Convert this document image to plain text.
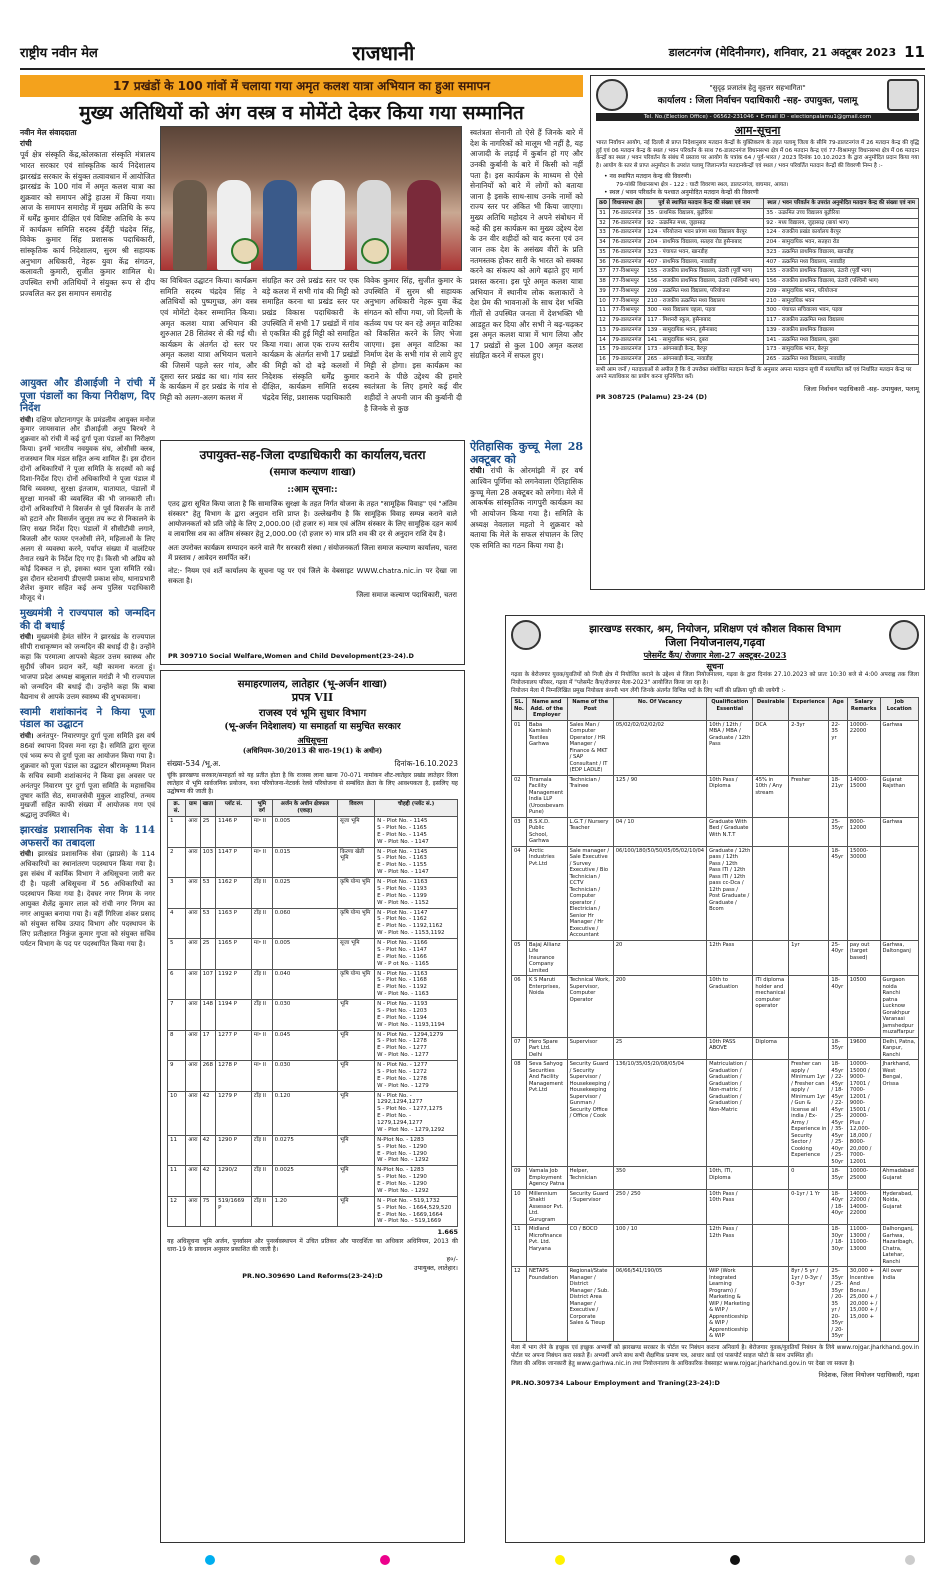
राष्ट्रीय नवीन मेल	राजधानी	डालटनगंज (मेदिनीनगर), शनिवार, 21 अक्टूबर 2023 11
17 प्रखंडों के 100 गांवों में चलाया गया अमृत कलश यात्रा अभियान का हुआ समापन
मुख्य अतिथियों को अंग वस्त्र व मोमेंटो देकर किया गया सम्मानित
नवीन मेल संवाददाता
रांची
पूर्व क्षेत्र संस्कृति केंद्र,कोलकाता संस्कृति मंत्रालय भारत सरकार एवं सांस्कृतिक कार्य निदेशालय झारखंड सरकार के संयुक्त तत्वावधान में आयोजित झारखंड के 100 गांव में अमृत कलश यात्रा का शुक्रवार को समापन ऑड्रे हाउस में किया गया। आज के समापन समारोह में मुख्य अतिथि के रूप में धर्मेंद्र कुमार दीक्षित एवं विशिष्ट अतिथि के रूप में कार्यक्रम समिति सदस्य ईर्वेंट्री चंद्रदेव सिंह, विवेक कुमार सिंह प्रशासक पदाधिकारी, सांस्कृतिक कार्य निदेशालय, सुरम श्री सहायक अनुभाग अधिकारी, नेहरू युवा केंद्र संगठन, कलावती कुमारी, सुजीत कुमार शामिल थे। उपस्थित सभी अतिथियों ने संयुक्त रूप से दीप प्रज्वलित कर इस समापन समारोह
का विधिवत उद्घाटन किया। कार्यक्रम समिति सदस्य चंद्रदेव सिंह ने अतिथियों को पुष्पगुच्छ, अंग वस्त्र एवं मोमेंटो देकर सम्मानित किया। अमृत कलश यात्रा अभियान की शुरुआत 28 सितंबर से की गई थी। कार्यक्रम के अंतर्गत दो स्तर पर अमृत कलश यात्रा अभियान चलाने की जिसमें पहले स्तर गांव, और दूसरा स्तर प्रखंड का था। गांव स्तर के कार्यक्रम में हर प्रखंड के गांव से मिट्टी को अलग-अलग कलश में
संग्रहित कर उसे प्रखंड स्तर पर एक बड़े कलश में सभी गांव की मिट्टी को समाहित करना था प्रखंड स्तर पर प्रखंड विकास पदाधिकारी के उपस्थिति में सभी 17 प्रखंडों में गांव से एकत्रित की हुई मिट्टी को समाहित किया गया। आज एक राज्य स्तरीय कार्यक्रम के अंतर्गत सभी 17 प्रखंडों की मिट्टी को दो बड़े कलशों में निदेशक संस्कृति धर्मेंद्र कुमार दीक्षित, कार्यक्रम समिति सदस्य चंद्रदेव सिंह, प्रशासक पदाधिकारी
विवेक कुमार सिंह, सुजीत कुमार के उपस्थिति में सुरम श्री सहायक अनुभाग अधिकारी नेहरू युवा केंद्र संगठन को सौंपा गया, जो दिल्ली के कर्तव्य पथ पर बन रहे अमृत वाटिका को विकसित करने के लिए भेजा जाएगा। इस अमृत वाटिका का निर्माण देश के सभी गांव से लाये हुए मिट्टी से होगा। इस कार्यक्रम का कराने के पीछे उद्देश्य की हमारे स्वतंत्रता के लिए हमारे कई वीर शहीदों ने अपनी जान की कुर्बानी दी है जिनके से कुछ
स्वतंत्रता सेनानी तो ऐसे हैं जिनके बारे में देश के नागरिकों को मालूम भी नहीं है, यह आजादी के लड़ाई में कुर्बान हो गए और उनकी कुर्बानी के बारे में किसी को नहीं पता है। इस कार्यक्रम के माध्यम से ऐसे सेनानियों को बारे में लोगों को बताया जाना है इसके साथ-साथ उनके नामों को राज्य स्तर पर अंकित भी किया जाएगा। मुख्य अतिथि महोदय ने अपने संबोधन में कहे की इस कार्यक्रम का मुख्य उद्देश्य देश के उन वीर शहीदों को याद करना एवं उन जान तक देश के असंख्य वीरों के प्रति नतमस्तक होकर सारी के भारत को सबका करने का संकल्प को आगे बढ़ाते हुए मार्ग प्रशस्त करना। इस पूरे अमृत कलश यात्रा अभियान में स्थानीय लोक कलाकारों ने देश प्रेम की भावनाओं के साथ देश भक्ति गीतों से उपस्थित जनता में देशभक्ति भी आडहूत कर दिया और सभी ने बढ़-चढ़कर इस अमृत कलश यात्रा में भाग लिया और 17 प्रखंडों से कुल 100 अमृत कलश संग्रहित करने में सफल हुए।
आयुक्त और डीआईजी ने रांची में पूजा पंडालों का किया निरीक्षण, दिए निर्देश
रांची। दक्षिण छोटानागपुर के प्रमंडलीय आयुक्त मनोज कुमार जायसवाल और डीआईजी अनूप बिरथरे ने शुक्रवार को रांची में कई दुर्गा पूजा पंडालों का निरीक्षण किया। इनमें भारतीय नवयुवक संघ, ओसीसी क्लब, राजस्थान मित्र मंडल सहित अन्य शामिल हैं। इस दौरान दोनों अधिकारियों ने पूजा समिति के सदस्यों को कई दिशा-निर्देश दिए। दोनों अधिकारियों ने पूजा पंडाल में विधि व्यवस्था, सुरक्षा इंतजाम, यातायात, पंडालों में सुरक्षा मानकों की व्यवस्थित की भी जानकारी ली। दोनों अधिकारियों ने विसर्जन से पूर्व विसर्जन के तारों को हटाने और विसर्जन जुलूस तय रूट से निकालने के लिए सख्त निर्देश दिए। पंडालों में सीसीटीवी लगाने, बिजली और फायर एनओसी लेने, महिलाओं के लिए अलग से व्यवस्था करने, पर्याप्त संख्या में वालंटियर तैनात रखने के निर्देश दिए गए हैं। किसी भी अप्रिय को कोई दिक्कत न हो, इसका ध्यान पूजा समिति रखे। इस दौरान स्टेशनापी डीएसपी प्रकाश सोय, थानाप्रभारी शैलेश कुमार सहित कई अन्य पुलिस पदाधिकारी मौजूद थे।
मुख्यमंत्री ने राज्यपाल को जन्मदिन की दी बधाई
रांची। मुख्यमंत्री हेमंत सोरेन ने झारखंड के राज्यपाल सीपी राधाकृष्णन को जन्मदिन की बधाई दी है। उन्होंने कहा कि परमात्मा आपको बेहतर उत्तम स्वास्थ्य और सुदीर्घ जीवन प्रदान करें, यही कामना करता हूं। भाजपा प्रदेश अध्यक्ष बाबूलाल मरांडी ने भी राज्यपाल को जन्मदिन की बधाई दी। उन्होंने कहा कि बाबा वैद्यनाथ से आपके उत्तम स्वास्थ्य की शुभकामना।
स्वामी शशांकानंद ने किया पूजा पंडाल का उद्घाटन
रांची। अनंतपुर- निवारणपुर दुर्गा पूजा समिति इस वर्ष 86वां स्थापना दिवस मना रहा है। समिति द्वारा सूरज एवं भव्य रूप से दुर्गा पूजा का आयोजन किया गया है। शुक्रवार को पूजा पंडाल का उद्घाटन श्रीरामकृष्ण मिशन के सचिव स्वामी शशांकानंद ने किया इस अवसर पर अनंतपुर निवारण पुर दुर्गा पूजा समिति के महासचिव तुषार कांति सेठ, समाजसेवी मुकुल शाहरियां, तन्मय मुखर्जी सहित काफी संख्या में आयोजक गण एवं श्रद्धालु उपस्थित थे।
झारखंड प्रशासनिक सेवा के 114 अफसरों का तबादला
रांची। झारखंड प्रशासनिक सेवा (झाप्रसे) के 114 अधिकारियों का स्थानांतरण पदस्थापन किया गया है। इस संबंध में कार्मिक विभाग ने अधिसूचना जारी कर दी है। पहली अधिसूचना में 56 अधिकारियों का पदस्थापन किया गया है। देवघर नगर निगम के नगर आयुक्त शैलेंद्र कुमार लाल को रांची नगर निगम का नगर आयुक्त बनाया गया है। वहीं गिरिजा शंकर प्रसाद को संयुक्त सचिव उत्पाद विभाग और पदस्थापन के लिए प्रतीक्षारत निकुंज कुमार गुप्ता को संयुक्त सचिव पर्यटन विभाग के पद पर पदस्थापित किया गया है।
उपायुक्त-सह-जिला दण्डाधिकारी का कार्यालय,चतरा
(समाज कल्याण शाखा)
::आम सूचना::
एतद द्वारा सूचित किया जाता है कि सामाजिक सुरक्षा के तहत निर्गत योजना के तहत "सामूहिक विवाह" एवं "अंतिम संस्कार" हेतु विभाग के द्वारा अनुदान राशि प्राप्त है। उल्लेखनीय है कि सामूहिक विवाह सम्पन्न कराने वाले आयोजनकर्ता को प्रति जोड़े के लिए 2,000.00 (दो हजार रु) मात्र एवं अंतिम संस्कार के लिए सामूहिक दहन कार्य व लावारिस शव का अंतिम संस्कार हेतु 2,000.00 (दो हजार रु) मात्र प्रति शव की दर से अनुदान राशि देय है।
अतः उपरोक्त कार्यक्रम सम्पादन करने वाले गैर सरकारी संस्था / संयोजनकर्ता जिला समाज कल्याण कार्यालय, चतरा में प्रस्ताव / आवेदन समर्पित करें।
नोट:- नियम एवं शर्तें कार्यालय के सूचना पट्ट पर एवं जिले के वेबसाइट WWW.chatra.nic.in पर देखा जा सकता है।
जिला समाज कल्याण पदाधिकारी, चतरा
PR 309710 Social Welfare,Women and Child Development(23-24).D
ऐतिहासिक कुच्चू मेला 28 अक्टूबर को
रांची। रांची के ओरमांझी में हर वर्ष आश्विन पूर्णिमा को लगनेवाला ऐतिहासिक कुच्चू मेला 28 अक्टूबर को लगेगा। मेले में आकर्षक सांस्कृतिक नागपुरी कार्यक्रम का भी आयोजन किया गया है। समिति के अध्यक्ष नेवलाल महतो ने शुक्रवार को बताया कि मेले के सफल संचालन के लिए एक समिति का गठन किया गया है।
समाहरणालय, लातेहार (भू-अर्जन शाखा)
प्रपत्र VII
राजस्व एवं भूमि सुधार विभाग
(भू-अर्जन निदेशालय) या समाहर्ता या समुचित सरकार
अधिसूचना
(अधिनियम-30/2013 की धारा-19(1) के अधीन)
संख्या-534 /भू.अ.	दिनांक-16.10.2023
चूंकि झारखण्ड सरकार/समाहर्ता को यह प्रतीत होता है कि राजस्व लाना खाना 70-071 नामांकन शीट-लातेहार प्रखंड लातेहार जिला लातेहार में भूमि सार्वजनिक प्रयोजन, यथा परियोजना-नेटवर्क रेलवे परियोजना से सम्बंधित क्रेता के लिए आवश्यकता है, इसलिए यह उद्घोषणा की जाती है।
क्र. सं.	ग्राम	खाता	प्लॉट सं.	भूमि वर्ग	अर्जन के अधीन क्षेत्रफल (एकड़)	विवरण	चौहद्दी (प्लॉट सं.)
1	आरा	25	1146 P	मा॰ II	0.005	सूजा भूमि	N - Plot No. - 1145
S - Plot No. - 1165
E - Plot No. - 1145
W - Plot No. - 1147
2	आरा	103	1147 P	मा॰ II	0.015	किरणा खेती भूमि	N - Plot No. - 1145
S - Plot No. - 1163
E - Plot No. - 1155
W - Plot No. - 1147
3	आरा	53	1162 P	टाँड़ II	0.025	कृषि योग्य भूमि	N - Plot No. - 1163
S - Plot No. - 1193
E - Plot No. - 1199
W - Plot No. - 1152
4	आरा	53	1163 P	टाँड़ II	0.060	कृषि योग्य भूमि	N - Plot No. - 1147
S - Plot No. - 1162
E - Plot No. - 1192,1162
W - Plot No. - 1153,1192
5	आरा	25	1165 P	मा॰ II	0.005	सूजा भूमि	N - Plot No. - 1166
S - Plot No. - 1147
E - Plot No. - 1166
W - P ot No. - 1165
6	आरा	107	1192 P	टाँड़ II	0.040	कृषि योग्य भूमि	N - Plot No. - 1163
S - Plot No. - 1168
E - Plot No. - 1192
W - Plot No. - 1163
7	आरा	148	1194 P	टाँड़ II	0.030	भूमि	N - Plot No. - 1193
S - Plot No. - 1203
E - Plot No. - 1194
W - Plot No. - 1193,1194
8	आरा	17	1277 P	मा॰ II	0.045	भूमि	N - Plot No. - 1294,1279
S - Plot No. - 1278
E - Plot No. - 1277
W - Plot No. - 1277
9	आरा	268	1278 P	मा॰ II	0.030	भूमि	N - Plot No. - 1277
S - Plot No. - 1272
E - Plot No. - 1278
W - Plot No. - 1279
10	आरा	42	1279 P	टाँड़ II	0.120	भूमि	N - Plot No. - 1292,1294,1277
S - Plot No. - 1277,1275
E - Plot No. - 1279,1294,1277
W - Plot No. - 1279,1292
11	आरा	42	1290 P	टाँड़ II	0.0275	भूमि	N-Plot No. - 1283
S - Plot No. - 1290
E - Plot No. - 1290
W - Plot No. - 1292
11	आरा	42	1290/2	टाँड़ II	0.0025	भूमि	N-Plot No. - 1283
S - Plot No. - 1290
E - Plot No. - 1290
W - Plot No. - 1292
12	आरा	75	519/1669 P	टाँड़ II	1.20	भूमि	N - Plot No. - 519,1732
S - Plot No. - 1664,529,520
E - Plot No. - 1669,1664
W - Plot No. - 519,1669
1.665
यह अधिसूचना भूमि अर्जन, पुनर्वासन और पुनर्व्यवस्थापन में उचित प्रतिकर और पारदर्शिता का अधिकार अधिनियम, 2013 की धारा-19 के प्रावधान अनुसार प्रकाशित की जाती है।
ह०/-
उपायुक्त, लातेहार।
PR.NO.309690 Land Reforms(23-24):D
"सुदृढ़ प्रजातंत्र हेतु वृहत्तर सहभागिता"
कार्यालय : जिला निर्वाचन पदाधिकारी -सह- उपायुक्त, पलामू
Tel. No.(Election Office) - 06562-231046 • E-mail ID - electionpalamu1@gmail.com
आम-सूचना
भारत निर्वाचन आयोग, नई दिल्ली से प्राप्त निदेशानुसार मतदान केन्द्रों के युक्तिकरण के तहत पलामू जिला के सीमि 79-डालटनगंज में 26 मतदान केन्द्र की वृद्धि हुई एवं 06 मतदान केन्द्र के स्थल / भवन परिवर्तन के साथ 76-डालटनगंज विधानसभा क्षेत्र में 06 मतदान केन्द्र एवं 77-विश्रामपुर विधानसभा क्षेत्र में 06 मतदान केन्द्रों का स्थल / भवन परिवर्तन के संबंध में प्रस्ताव पर आयोग के पत्रांक 64 / पूर्व-भारत / 2023 दिनांक 10.10.2023 के द्वारा अनुमोदित प्रदान किया गया है। आयोग के स्तर से प्राप्त अनुमोदन के उपरांत पलामू जिलान्तर्गत मतदानकेन्द्रों एवं स्थल / भवन परिवर्तित मतदान केन्द्रों की विवरणी निम्न है :-
• नव स्थापित मतदान केन्द्र की विवरणी।
79-पांकी विधानसभा क्षेत्र - 122 : घाटी विवरणा स्थल, डालटनगंज, वाघमार, आयत।
• स्थल / भवन परिवर्तन के पश्चात अनुमोदित मतदान केन्द्रों की विवरणी
क्र0	विधानसभा क्षेत्र	पूर्व से स्थापित मतदान केन्द्र की संख्या एवं नाम	स्थल / भवन परिवर्तन के उपरांत अनुमोदित मतदान केन्द्र की संख्या एवं नाम
31	76-डालटनगंज	35 · प्राथमिक विद्यालय, बुढ़ौरिया	35 · उत्क्रमित उच्च विद्यालय बुढ़ौरिया
32	76-डालटनगंज	92 · उत्क्रमित मध्य, जुड़ासाढ़	92 · मध्य विद्यालय, जुड़ासाढ़ (बायां भाग)
33	76-डालटनगंज	124 · परियोजना भवन प्रांगण मध्य विद्यालय बैरपुर	124 · राजकीय प्रखंड कार्यालय बैरपुर
34	76-डालटनगंज	204 · प्राथमिक विद्यालय, सतहरा रोड हुसैनाबाद	204 · सामुदायिक भवन, सतहरा रोड
35	76-डालटनगंज	323 · पंचायत भवन, खानडीह	323 · उत्क्रमित प्राथमिक विद्यालय, खानडीह
36	76-डालटनगंज	407 · प्राथमिक विद्यालय, नावाडीह	407 · उत्क्रमित मध्य विद्यालय, नावाडीह
37	77-विश्रामपुर	155 · राजकीय प्राथमिक विद्यालय, उंटारी (पूर्वी भाग)	155 · राजकीय प्राथमिक विद्यालय, उंटारी (पूर्वी भाग)
38	77-विश्रामपुर	156 · राजकीय प्राथमिक विद्यालय, उंटारी (पश्चिमी भाग)	156 · राजकीय प्राथमिक विद्यालय, उंटारी (पश्चिमी भाग)
39	77-विश्रामपुर	209 · उत्क्रमित मध्य विद्यालय, परियोजना	209 · सामुदायिक भवन, परियोजना
10	77-विश्रामपुर	210 · राजकीय उत्क्रमित मध्य विद्यालय	210 · सामुदायिक भवन
11	77-विश्रामपुर	300 · मध्य विद्यालय चहला, पड़वा	300 · पंचायत सचिवालय भवन, पड़वा
12	79-डालटनगंज	117 · मिशनरी स्कूल, हुसैनाबाद	117 · राजकीय उत्क्रमित मध्य विद्यालय
13	79-डालटनगंज	139 · सामुदायिक भवन, हुसैनाबाद	139 · राजकीय प्राथमिक विद्यालय
14	79-डालटनगंज	141 · सामुदायिक भवन, दुबरा	141 · उत्क्रमित मध्य विद्यालय, दुबरा
15	79-डालटनगंज	173 · आंगनबाड़ी केन्द्र, बैरपुर	173 · सामुदायिक भवन, बैरपुर
16	79-डालटनगंज	265 · आंगनबाड़ी केन्द्र, नावाडीह	265 · उत्क्रमित मध्य विद्यालय, नावाडीह
सभी आम जनों / मतदाताओं से अपील है कि वे उपरोक्त संशोधित मतदान केन्द्रों के अनुसार अपना मतदान सूची में सत्यापित करें एवं निर्धारित मतदान केन्द्र पर अपने मताधिकार का प्रयोग करना सुनिश्चित करें।
जिला निर्वाचन पदाधिकारी -सह- उपायुक्त, पलामू
PR 308725 (Palamu) 23-24 (D)
झारखण्ड सरकार, श्रम, नियोजन, प्रशिक्षण एवं कौशल विकास विभाग
जिला नियोजनालय,गढ़वा
प्लेसमेंट कैंप/ रोजगार मेला-27 अक्टूबर-2023
सूचना
गढ़वा के बेरोजगार युवक/युवतियों को निजी क्षेत्र में नियोजित कराने के उद्देश्य से जिला नियोजनालय, गढ़वा के द्वारा दिनांक 27.10.2023 को प्रातः 10:30 बजे से 4:00 अपराह्न तक जिला नियोजनालय परिसर, गढ़वा में "प्लेसमेंट कैंप/रोजगार मेला-2023" आयोजित किया जा रहा है।
नियोजन मेला में निम्नलिखित प्रमुख नियोक्ता कंपनी भाग लेंगी जिनके अंतर्गत विभिन्न पदों के लिए भर्ती की प्रक्रिया पूरी की जायेगी :-
SL. No.	Name and Add. of the Employer	Name of the Post	No. Of Vacancy	Qualification Essential	Desirable	Experience	Age	Salary Remarks	Job Location
01	Baba Kamlesh Textiles Garhwa	Sales Man / Computer Operator / HR Manager / Finance & MKT / SAP Consultant / IT (EDP LADLE)	05/02/02/02/02/02	10th / 12th / MBA / MBA / Graduate / 12th Pass	DCA	2-3yr	22-35 yr	10000-22000	Garhwa
02	Tiramala Facility Management India LLP (Uroosbevam Pune)	Technician / Trainee	125 / 90	10th Pass / Diploma	45% in 10th / Any stream	Fresher	18-21yr	14000-15000	Gujarat Rajsthan
03	B.S.K.D. Public School, Garhwa	L.G.T / Nursery Teacher	04 / 10	Graduate With Bed / Graduate With N.T.T			25-35yr	8000-12000	Garhwa
04	Arctic Industries Pvt.Ltd	Sale manager / Sale Executive / Survey Executive / Bio Technician / CCTV Technician / Computer operator / Electrician / Senior Hr Manager / Hr Executive / Accountant	06/100/180/50/50/05/05/02/10/04	Graduate / 12th pass / 12th Pass / 12th Pass ITI / 12th Pass ITI / 12th pass cc-Dca / 12th pass / Post Graduate / Graduate / Bcom			18-45yr	15000-30000	
05	Bajaj Allianz Life Insurance Company Limited		20	12th Pass		1yr	25-40yr	pay out (target based)	Garhwa, Daltonganj
06	K S Maruti Enterprises, Noida	Technical Work, Supervisor, Computer Operator	200	10th to Graduation	ITI diploma holder and mechanical computer operator		18-40yr	10500	Gurgaon noida Ranchi patna Lucknow Gorakhpur Varanasi Jamshedpur muzaffarpur
07	Hero Spare Part Ltd. Delhi	Supervisor	25	10th PASS ABOVE	Diploma		18-35yr	19600	Delhi, Patna, Kanpur, Ranchi
08	Seva Sahyog Securities And Facility Management Pvt.Ltd	Security Guard / Security Supervisor / Housekeeping / Housekeeping Supervisor / Gunman / Security Office / Office / Cook	136/10/35/05/20/08/05/04	Matriculation / Graduation / Graduation / Graduation / Non-matric / Graduation / Graduation / Non-Matric		Fresher can apply / Minimum 1yr / Fresher can apply / Minimum 1yr / Gun & license all india / Ex-Army / Experience in Security Sector / Cooking Experience	18-45yr / 22-45yr / 18-45yr / 22-45yr / 25-45yr / 35-45yr / 25-40yr / 25-50yr	10000-15000 / 9000-17001 / 7000-12001 / 9000-15001 / 20000-Plus / 12,000-18,000 / 8000-20,000 / 7000-12001	Jharkhand, West Bengal, Orissa
09	Vamala Job Employment Agency Patna	Helper, Technician	350	10th, ITI, Diploma		0	18-35yr	10000-25000	Ahmadabad Gujarat
10	Millennium Shakti Assessor Pvt. Ltd. Gurugram	Security Guard / Supervisor	250 / 250	10th Pass / 10th Pass		0-1yr / 1 Yr	18-40yr / 18-40yr	14000-22000 / 14000-22000	Hyderabad, Noida, Gujarat
11	Midland Microfinance Pvt. Ltd. Haryana	CO / BOCO	100 / 10	12th Pass / 12th Pass			18-30yr / 18-30yr	11000-13000 / 11000-13000	Dalhonganj, Garhwa, Hazaribagh, Chatra, Latehar, Ranchi
12	NETAPS Foundation	Regional/State Manager / District Manager / Sub. District Area Manager / Executive / Corporate Sales & Tieup	06/66/541/190/05	WIP (Work Integrated Learning Program) / Marketing & WIP / Marketing & WIP / Apprenticeship & WIP / Apprenticeship & WIP		8yr / 5 yr / 1yr / 0-3yr / 0-3yr	25-35yr / 25-35yr / 20-35 yr / 20-35yr / 20-35yr	30,000 + Incentive And Bonus / 25,000 + / 20,000 + / 15,000 + / 15,000 +	All over India
मेला में भाग लेने के इच्छुक एवं इच्छुक अभ्यर्थी को झारखण्ड सरकार के पोर्टल पर निबंधन कराना अनिवार्य है। बेरोजगार युवक/युवतियाँ निबंधन के लिये www.rojgar.jharkhand.gov.in पोर्टल पर अपना निबंधन करा सकते हैं। अभ्यर्थी अपने साथ सभी शैक्षणिक प्रमाण पत्र, आधार कार्ड एवं पासपोर्ट साइज फोटो के साथ उपस्थित हों।
जिला की अधिक जानकारी हेतु www.garhwa.nic.in तथा नियोजनालय के आधिकारिक वेबसाइट www.rojgar.jharkhand.gov.in पर देखा जा सकता है।
निदेशक, जिला नियोजन पदाधिकारी, गढ़वा
PR.NO.309734 Labour Employment and Traning(23-24):D
